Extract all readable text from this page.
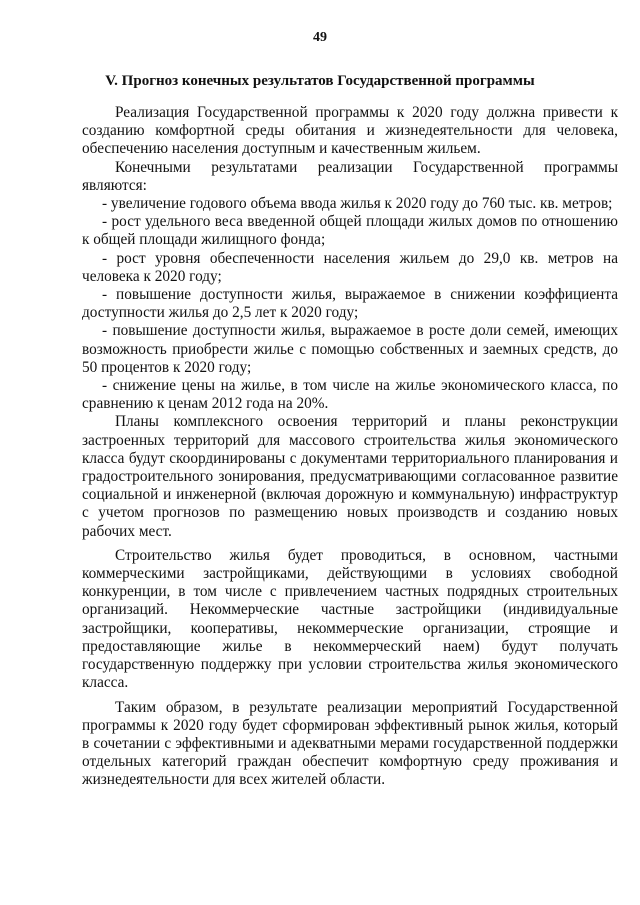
49
V. Прогноз конечных результатов Государственной программы

Реализация Государственной программы к 2020 году должна привести к созданию комфортной среды обитания и жизнедеятельности для человека, обеспечению населения доступным и качественным жильем.

Конечными результатами реализации Государственной программы являются:

- увеличение годового объема ввода жилья к 2020 году до 760 тыс. кв. метров;

- рост удельного веса введенной общей площади жилых домов по отношению к общей площади жилищного фонда;

- рост уровня обеспеченности населения жильем до 29,0 кв. метров на человека к 2020 году;

- повышение доступности жилья, выражаемое в снижении коэффициента доступности жилья до 2,5 лет к 2020 году;

- повышение доступности жилья, выражаемое в росте доли семей, имеющих возможность приобрести жилье с помощью собственных и заемных средств, до 50 процентов к 2020 году;

- снижение цены на жилье, в том числе на жилье экономического класса, по сравнению к ценам 2012 года на 20%.

Планы комплексного освоения территорий и планы реконструкции застроенных территорий для массового строительства жилья экономического класса будут скоординированы с документами территориального планирования и градостроительного зонирования, предусматривающими согласованное развитие социальной и инженерной (включая дорожную и коммунальную) инфраструктур с учетом прогнозов по размещению новых производств и созданию новых рабочих мест.

Строительство жилья будет проводиться, в основном, частными коммерческими застройщиками, действующими в условиях свободной конкуренции, в том числе с привлечением частных подрядных строительных организаций. Некоммерческие частные застройщики (индивидуальные застройщики, кооперативы, некоммерческие организации, строящие и предоставляющие жилье в некоммерческий наем) будут получать государственную поддержку при условии строительства жилья экономического класса.

Таким образом, в результате реализации мероприятий Государственной программы к 2020 году будет сформирован эффективный рынок жилья, который в сочетании с эффективными и адекватными мерами государственной поддержки отдельных категорий граждан обеспечит комфортную среду проживания и жизнедеятельности для всех жителей области.
